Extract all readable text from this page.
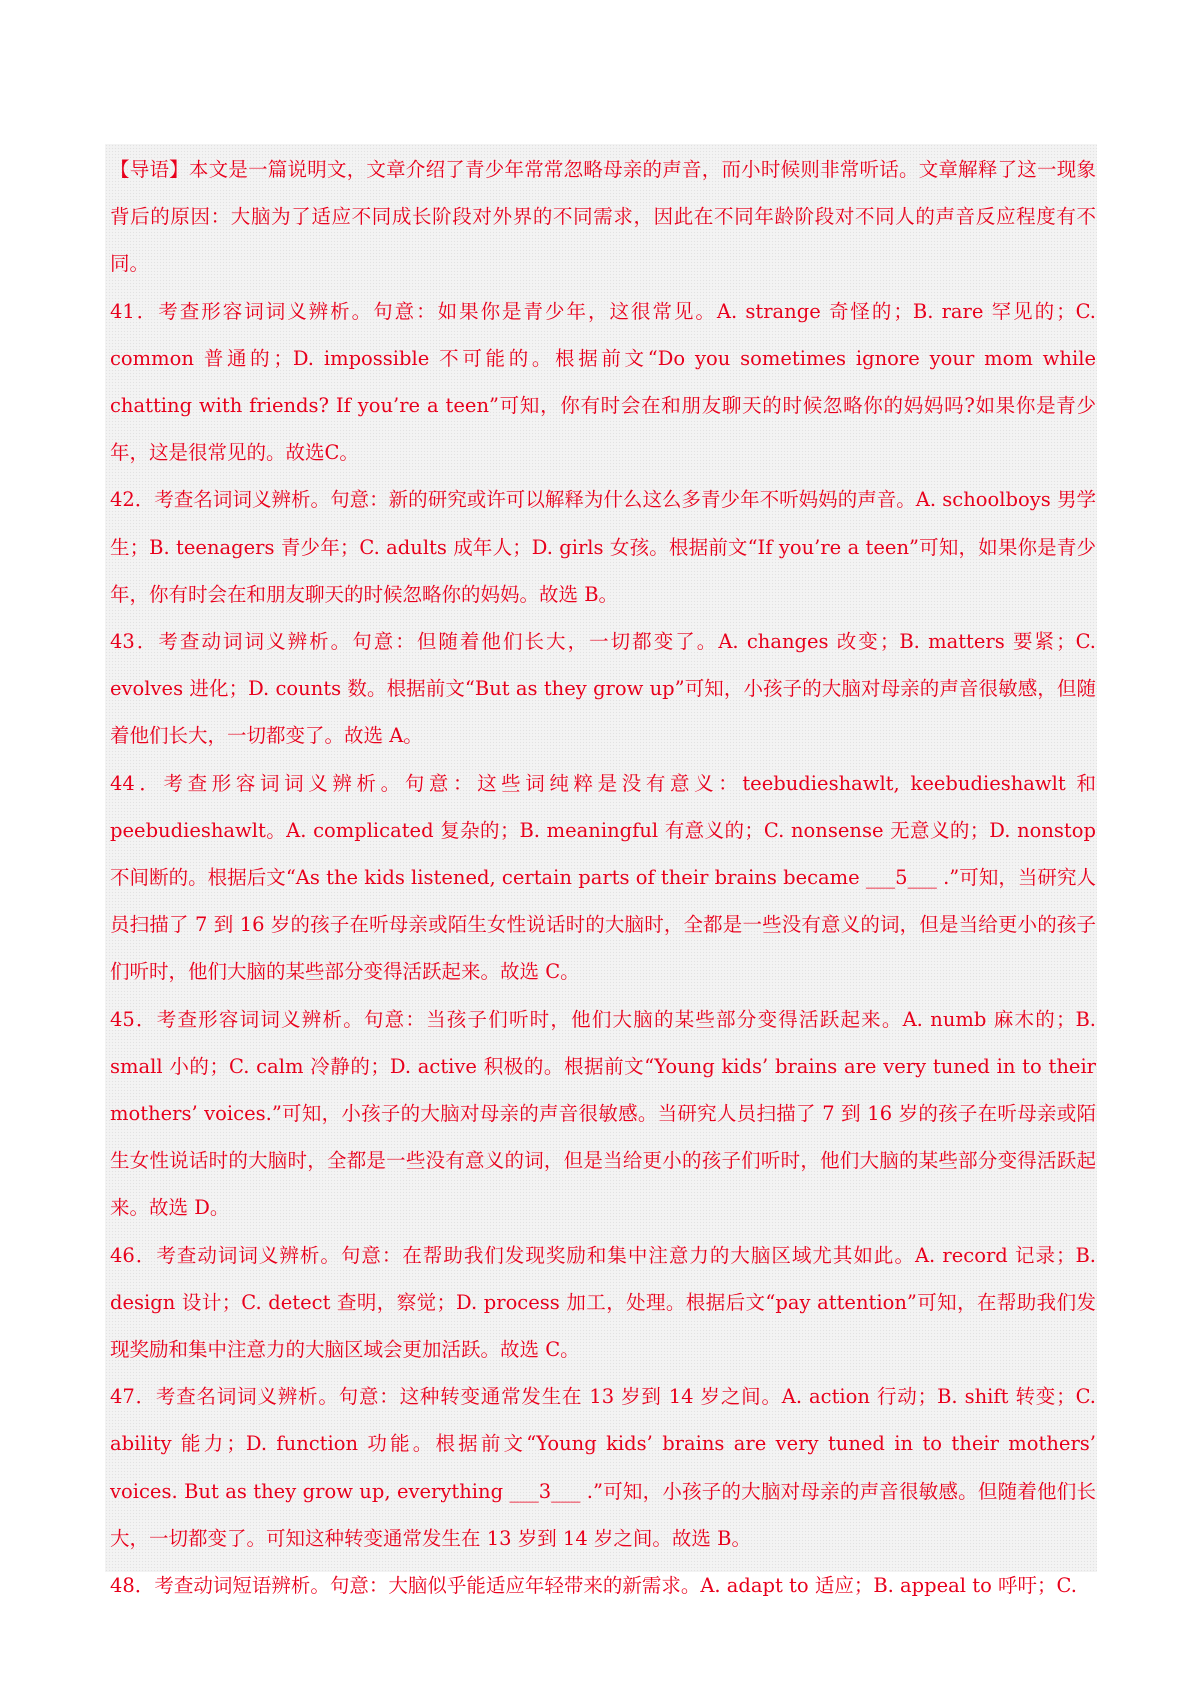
【导语】本文是一篇说明文，文章介绍了青少年常常忽略母亲的声音，而小时候则非常听话。文章解释了这一现象背后的原因：大脑为了适应不同成长阶段对外界的不同需求，因此在不同年龄阶段对不同人的声音反应程度有不同。

41．考查形容词词义辨析。句意：如果你是青少年，这很常见。A. strange 奇怪的；B. rare 罕见的；C. common 普通的；D. impossible 不可能的。根据前文“Do you sometimes ignore your mom while chatting with friends? If you’re a teen”可知，你有时会在和朋友聊天的时候忽略你的妈妈吗?如果你是青少年，这是很常见的。故选C。

42．考查名词词义辨析。句意：新的研究或许可以解释为什么这么多青少年不听妈妈的声音。A. schoolboys 男学生；B. teenagers 青少年；C. adults 成年人；D. girls 女孩。根据前文“If you’re a teen”可知，如果你是青少年，你有时会在和朋友聊天的时候忽略你的妈妈。故选 B。

43．考查动词词义辨析。句意：但随着他们长大，一切都变了。A. changes 改变；B. matters 要紧；C. evolves 进化；D. counts 数。根据前文“But as they grow up”可知，小孩子的大脑对母亲的声音很敏感，但随着他们长大，一切都变了。故选 A。

44．考查形容词词义辨析。句意：这些词纯粹是没有意义：teebudieshawlt, keebudieshawlt 和 peebudieshawlt。A. complicated 复杂的；B. meaningful 有意义的；C. nonsense 无意义的；D. nonstop 不间断的。根据后文“As the kids listened, certain parts of their brains became ___5___ .”可知，当研究人员扫描了 7 到 16 岁的孩子在听母亲或陌生女性说话时的大脑时，全都是一些没有意义的词，但是当给更小的孩子们听时，他们大脑的某些部分变得活跃起来。故选 C。

45．考查形容词词义辨析。句意：当孩子们听时，他们大脑的某些部分变得活跃起来。A. numb 麻木的；B. small 小的；C. calm 冷静的；D. active 积极的。根据前文“Young kids’ brains are very tuned in to their mothers’ voices.”可知，小孩子的大脑对母亲的声音很敏感。当研究人员扫描了 7 到 16 岁的孩子在听母亲或陌生女性说话时的大脑时，全都是一些没有意义的词，但是当给更小的孩子们听时，他们大脑的某些部分变得活跃起来。故选 D。

46．考查动词词义辨析。句意：在帮助我们发现奖励和集中注意力的大脑区域尤其如此。A. record 记录；B. design 设计；C. detect 查明，察觉；D. process 加工，处理。根据后文“pay attention”可知，在帮助我们发现奖励和集中注意力的大脑区域会更加活跃。故选 C。

47．考查名词词义辨析。句意：这种转变通常发生在 13 岁到 14 岁之间。A. action 行动；B. shift 转变；C. ability 能力；D. function 功能。根据前文“Young kids’ brains are very tuned in to their mothers’ voices. But as they grow up, everything ___3___ .”可知，小孩子的大脑对母亲的声音很敏感。但随着他们长大，一切都变了。可知这种转变通常发生在 13 岁到 14 岁之间。故选 B。

48．考查动词短语辨析。句意：大脑似乎能适应年轻带来的新需求。A. adapt to 适应；B. appeal to 呼吁；C.
